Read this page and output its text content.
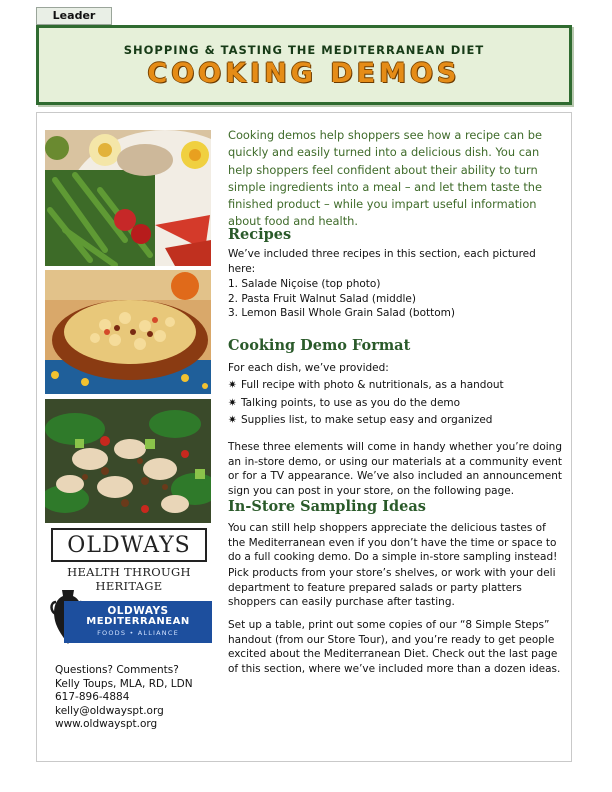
Leader
SHOPPING & TASTING THE MEDITERRANEAN DIET
COOKING DEMOS
OLDWAYS
HEALTH THROUGH HERITAGE
OLDWAYS
MEDITERRANEAN
FOODS • ALLIANCE
Questions? Comments?
Kelly Toups, MLA, RD, LDN
617-896-4884
kelly@oldwayspt.org
www.oldwayspt.org
Cooking demos help shoppers see how a recipe can be quickly and easily turned into a delicious dish. You can help shoppers feel confident about their ability to turn simple ingredients into a meal – and let them taste the finished product – while you impart useful information about food and health.
Recipes
We’ve included three recipes in this section, each pictured here:
1. Salade Niçoise (top photo)
2. Pasta Fruit Walnut Salad (middle)
3. Lemon Basil Whole Grain Salad (bottom)
Cooking Demo Format
For each dish, we’ve provided:
✷ Full recipe with photo & nutritionals, as a handout
✷ Talking points, to use as you do the demo
✷ Supplies list, to make setup easy and organized
These three elements will come in handy whether you’re doing an in-store demo, or using our materials at a community event or for a TV appearance. We’ve also included an announcement sign you can post in your store, on the following page.
In-Store Sampling Ideas
You can still help shoppers appreciate the delicious tastes of the Mediterranean even if you don’t have the time or space to do a full cooking demo. Do a simple in-store sampling instead!
Pick products from your store’s shelves, or work with your deli department to feature prepared salads or party platters shoppers can easily purchase after tasting.
Set up a table, print out some copies of our “8 Simple Steps” handout (from our Store Tour), and you’re ready to get people excited about the Mediterranean Diet. Check out the last page of this section, where we’ve included more than a dozen ideas.
